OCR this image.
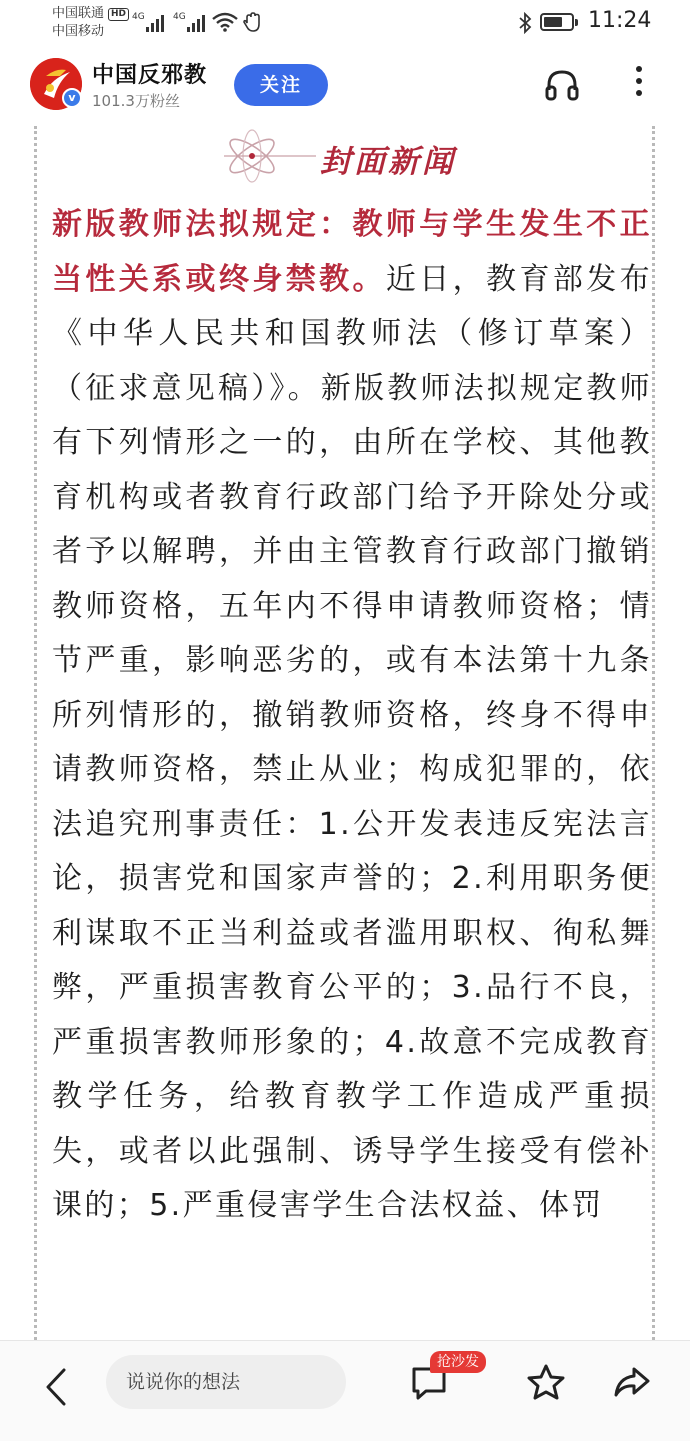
中国联通 HD
中国移动
4G	4G	11:24
v
中国反邪教
101.3万粉丝
关注
封面新闻
新版教师法拟规定：教师与学生发生不正当性关系或终身禁教。近日，教育部发布《中华人民共和国教师法（修订草案）（征求意见稿）》。新版教师法拟规定教师有下列情形之一的，由所在学校、其他教育机构或者教育行政部门给予开除处分或者予以解聘，并由主管教育行政部门撤销教师资格，五年内不得申请教师资格；情节严重，影响恶劣的，或有本法第十九条所列情形的，撤销教师资格，终身不得申请教师资格，禁止从业；构成犯罪的，依法追究刑事责任：1.公开发表违反宪法言论，损害党和国家声誉的；2.利用职务便利谋取不正当利益或者滥用职权、徇私舞弊，严重损害教育公平的；3.品行不良，严重损害教师形象的；4.故意不完成教育教学任务，给教育教学工作造成严重损失，或者以此强制、诱导学生接受有偿补课的；5.严重侵害学生合法权益、体罚
说说你的想法
抢沙发
